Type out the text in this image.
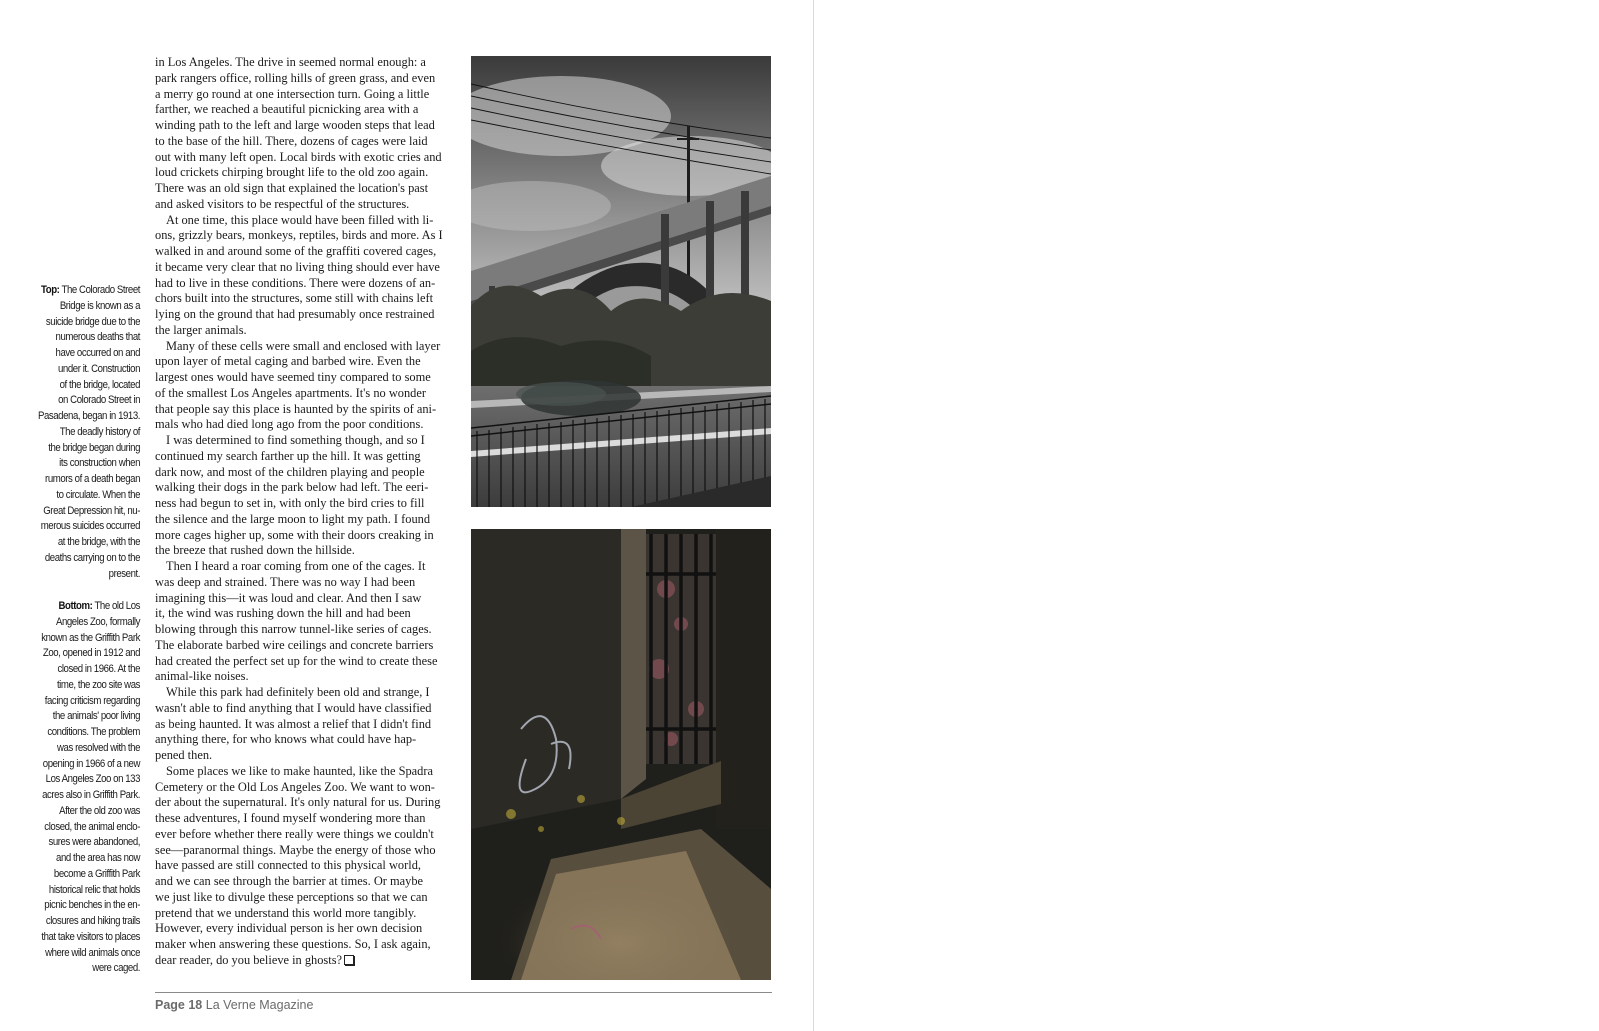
Top: The Colorado Street
Bridge is known as a
suicide bridge due to the
numerous deaths that
have occurred on and
under it. Construction
of the bridge, located
on Colorado Street in
Pasadena, began in 1913.
The deadly history of
the bridge began during
its construction when
rumors of a death began
to circulate. When the
Great Depression hit, nu-
merous suicides occurred
at the bridge, with the
deaths carrying on to the
present.
Bottom: The old Los
Angeles Zoo, formally
known as the Griffith Park
Zoo, opened in 1912 and
closed in 1966. At the
time, the zoo site was
facing criticism regarding
the animals' poor living
conditions. The problem
was resolved with the
opening in 1966 of a new
Los Angeles Zoo on 133
acres also in Griffith Park.
After the old zoo was
closed, the animal enclo-
sures were abandoned,
and the area has now
become a Griffith Park
historical relic that holds
picnic benches in the en-
closures and hiking trails
that take visitors to places
where wild animals once
were caged.

in Los Angeles. The drive in seemed normal enough: a
park rangers office, rolling hills of green grass, and even
a merry go round at one intersection turn. Going a little
farther, we reached a beautiful picnicking area with a
winding path to the left and large wooden steps that lead
to the base of the hill. There, dozens of cages were laid
out with many left open. Local birds with exotic cries and
loud crickets chirping brought life to the old zoo again.
There was an old sign that explained the location's past
and asked visitors to be respectful of the structures.

At one time, this place would have been filled with li-
ons, grizzly bears, monkeys, reptiles, birds and more. As I
walked in and around some of the graffiti covered cages,
it became very clear that no living thing should ever have
had to live in these conditions. There were dozens of an-
chors built into the structures, some still with chains left
lying on the ground that had presumably once restrained
the larger animals.

Many of these cells were small and enclosed with layer
upon layer of metal caging and barbed wire. Even the
largest ones would have seemed tiny compared to some
of the smallest Los Angeles apartments. It's no wonder
that people say this place is haunted by the spirits of ani-
mals who had died long ago from the poor conditions.

I was determined to find something though, and so I
continued my search farther up the hill. It was getting
dark now, and most of the children playing and people
walking their dogs in the park below had left. The eeri-
ness had begun to set in, with only the bird cries to fill
the silence and the large moon to light my path. I found
more cages higher up, some with their doors creaking in
the breeze that rushed down the hillside.

Then I heard a roar coming from one of the cages. It
was deep and strained. There was no way I had been
imagining this—it was loud and clear. And then I saw
it, the wind was rushing down the hill and had been
blowing through this narrow tunnel-like series of cages.
The elaborate barbed wire ceilings and concrete barriers
had created the perfect set up for the wind to create these
animal-like noises.

While this park had definitely been old and strange, I
wasn't able to find anything that I would have classified
as being haunted. It was almost a relief that I didn't find
anything there, for who knows what could have hap-
pened then.

Some places we like to make haunted, like the Spadra
Cemetery or the Old Los Angeles Zoo. We want to won-
der about the supernatural. It's only natural for us. During
these adventures, I found myself wondering more than
ever before whether there really were things we couldn't
see—paranormal things. Maybe the energy of those who
have passed are still connected to this physical world,
and we can see through the barrier at times. Or maybe
we just like to divulge these perceptions so that we can
pretend that we understand this world more tangibly.
However, every individual person is her own decision
maker when answering these questions. So, I ask again,
dear reader, do you believe in ghosts?

Page 18 La Verne Magazine
